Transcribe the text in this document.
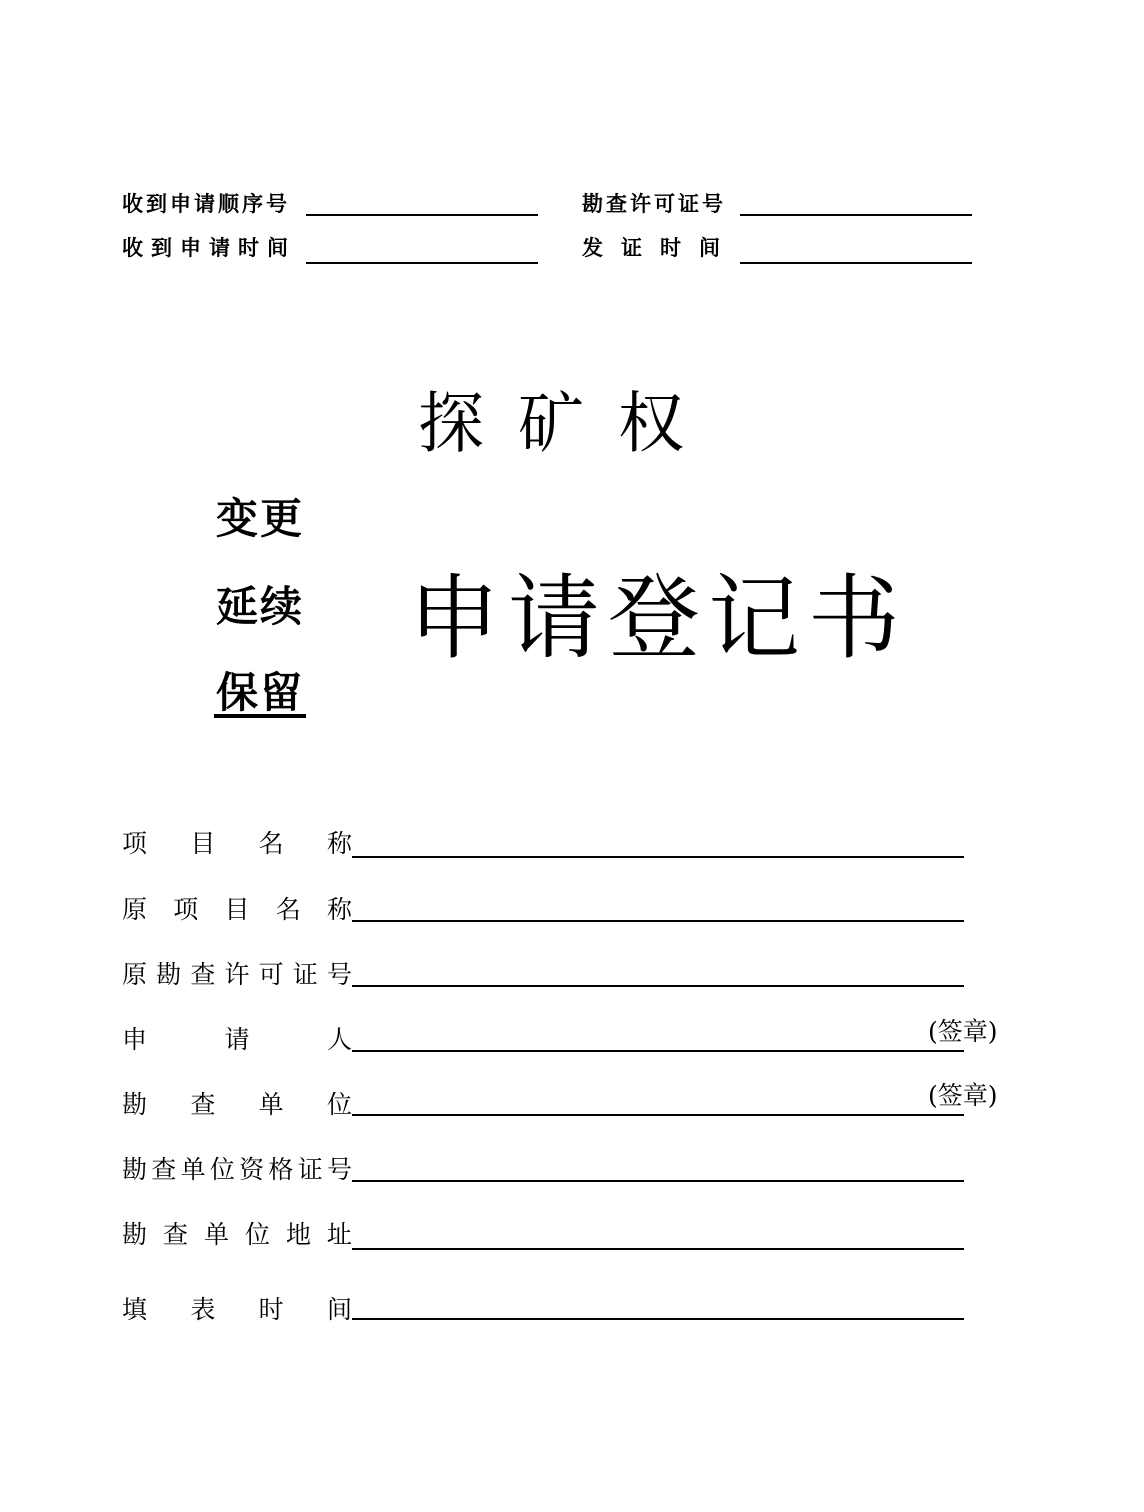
收到申请顺序号	勘查许可证号
收到申请时间	发证时间
探矿权
变更
延续
保留
申请登记书
项 目 名 称
原 项 目 名 称
原 勘 查 许 可 证 号
申	请	人	(签章)
勘 查 单 位	(签章)
勘 查 单 位 资 格 证 号
勘 查 单 位 地 址
填 表 时 间
